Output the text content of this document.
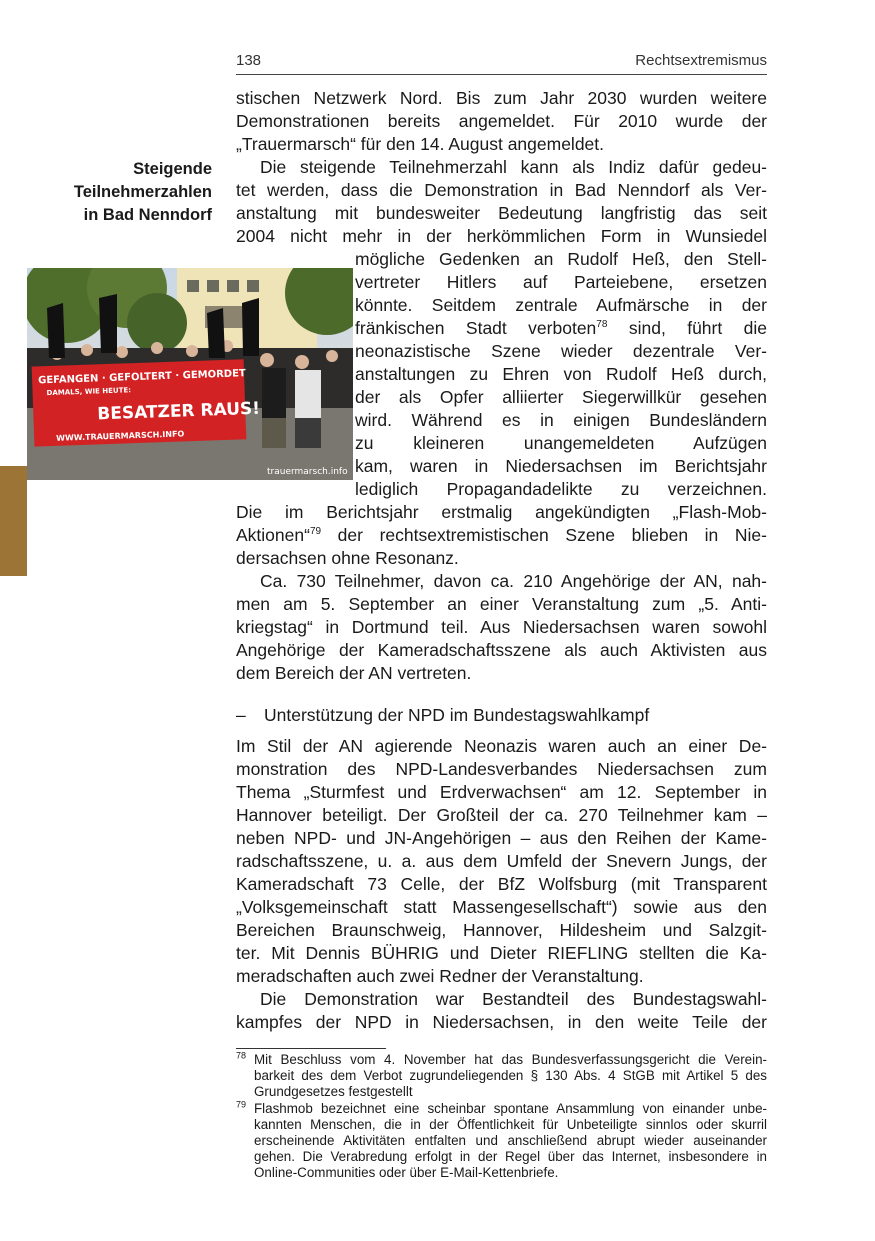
138	Rechtsextremismus
Steigende
Teilnehmerzahlen
in Bad Nenndorf
GEFANGEN · GEFOLTERT · GEMORDET
DAMALS, WIE HEUTE:
BESATZER RAUS!
WWW.TRAUERMARSCH.INFO
trauermarsch.info
stischen Netzwerk Nord. Bis zum Jahr 2030 wurden weitere
Demonstrationen bereits angemeldet. Für 2010 wurde der
„Trauermarsch“ für den 14. August angemeldet.
Die steigende Teilnehmerzahl kann als Indiz dafür gedeu-
tet werden, dass die Demonstration in Bad Nenndorf als Ver-
anstaltung mit bundesweiter Bedeutung langfristig das seit
2004 nicht mehr in der herkömmlichen Form in Wunsiedel
mögliche Gedenken an Rudolf Heß, den Stell-
vertreter Hitlers auf Parteiebene, ersetzen
könnte. Seitdem zentrale Aufmärsche in der
fränkischen Stadt verboten$^{78}$ sind, führt die
neonazistische Szene wieder dezentrale Ver-
anstaltungen zu Ehren von Rudolf Heß durch,
der als Opfer alliierter Siegerwillkür gesehen
wird. Während es in einigen Bundesländern
zu kleineren unangemeldeten Aufzügen
kam, waren in Niedersachsen im Berichtsjahr
lediglich Propagandadelikte zu verzeichnen.
Die im Berichtsjahr erstmalig angekündigten „Flash-Mob-
Aktionen“$^{79}$ der rechtsextremistischen Szene blieben in Nie-
dersachsen ohne Resonanz.
Ca. 730 Teilnehmer, davon ca. 210 Angehörige der AN, nah-
men am 5. September an einer Veranstaltung zum „5. Anti-
kriegstag“ in Dortmund teil. Aus Niedersachsen waren sowohl
Angehörige der Kameradschaftsszene als auch Aktivisten aus
dem Bereich der AN vertreten.
– Unterstützung der NPD im Bundestagswahlkampf
Im Stil der AN agierende Neonazis waren auch an einer De-
monstration des NPD-Landesverbandes Niedersachsen zum
Thema „Sturmfest und Erdverwachsen“ am 12. September in
Hannover beteiligt. Der Großteil der ca. 270 Teilnehmer kam –
neben NPD- und JN-Angehörigen – aus den Reihen der Kame-
radschaftsszene, u. a. aus dem Umfeld der Snevern Jungs, der
Kameradschaft 73 Celle, der BfZ Wolfsburg (mit Transparent
„Volksgemeinschaft statt Massengesellschaft“) sowie aus den
Bereichen Braunschweig, Hannover, Hildesheim und Salzgit-
ter. Mit Dennis BÜHRIG und Dieter RIEFLING stellten die Ka-
meradschaften auch zwei Redner der Veranstaltung.
Die Demonstration war Bestandteil des Bundestagswahl-
kampfes der NPD in Niedersachsen, in den weite Teile der
$^{78}$ Mit Beschluss vom 4. November hat das Bundesverfassungsgericht die Verein-
barkeit des dem Verbot zugrundeliegenden § 130 Abs. 4 StGB mit Artikel 5 des
Grundgesetzes festgestellt
$^{79}$ Flashmob bezeichnet eine scheinbar spontane Ansammlung von einander unbe-
kannten Menschen, die in der Öffentlichkeit für Unbeteiligte sinnlos oder skurril
erscheinende Aktivitäten entfalten und anschließend abrupt wieder auseinander
gehen. Die Verabredung erfolgt in der Regel über das Internet, insbesondere in
Online-Communities oder über E-Mail-Kettenbriefe.
